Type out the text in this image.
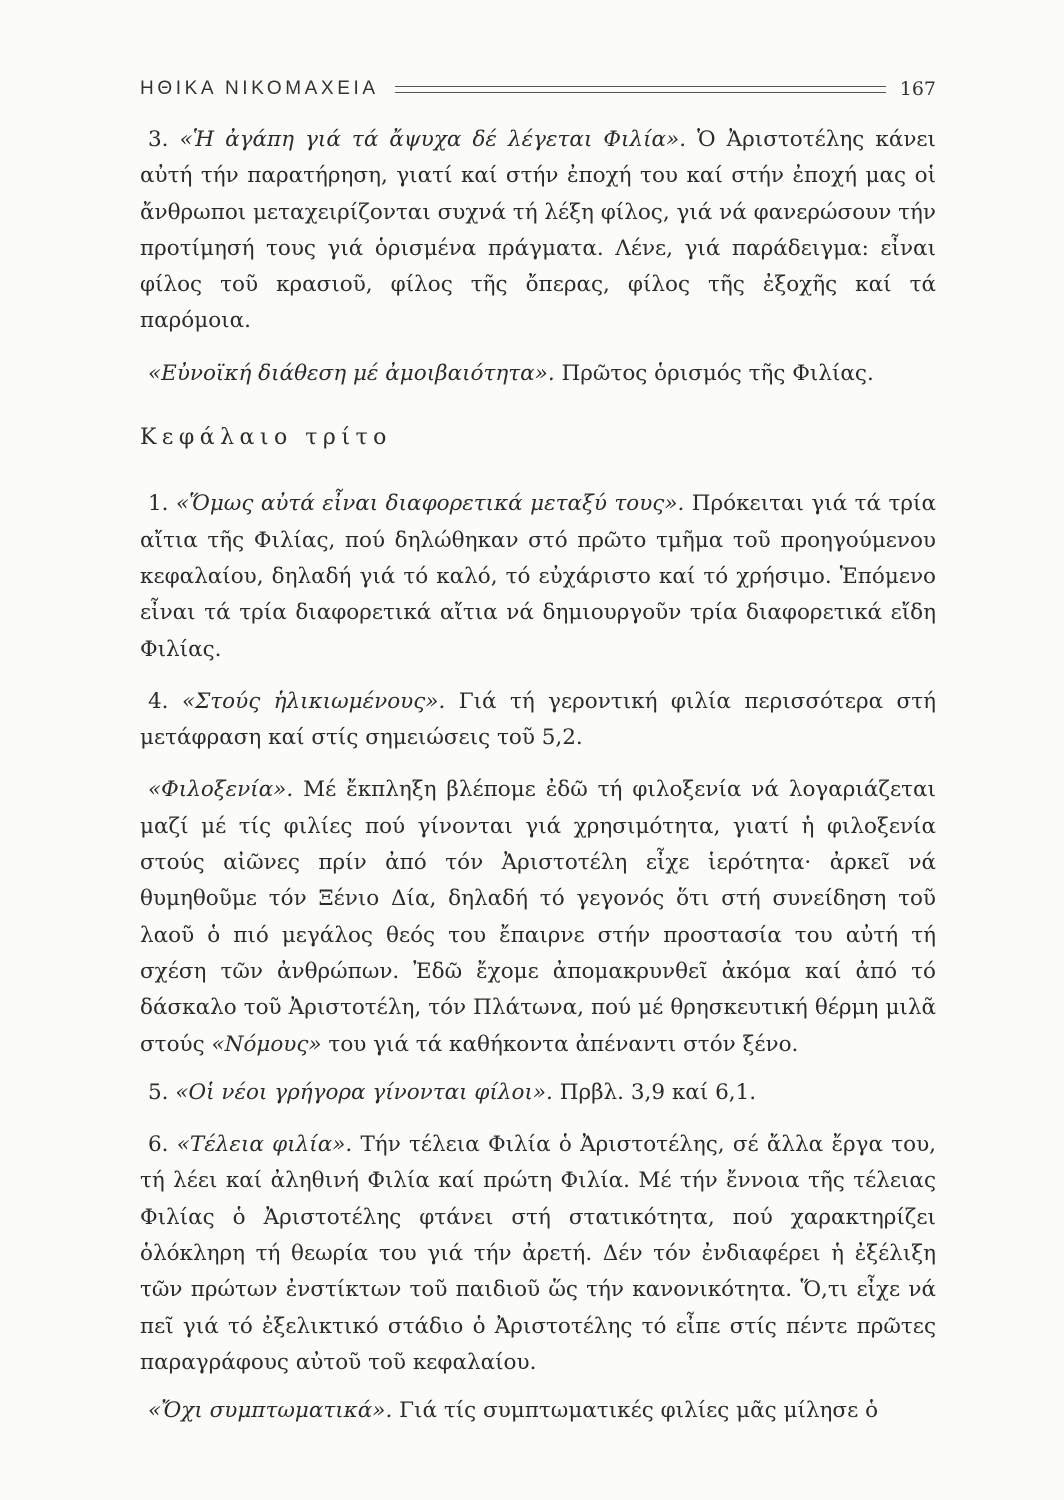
ΗΘΙΚΑ ΝΙΚΟΜΑΧΕΙΑ	167

3. «Ἡ ἀγάπη γιά τά ἄψυχα δέ λέγεται Φιλία». Ὁ Ἀριστοτέλης κάνει αὐτή τήν παρατήρηση, γιατί καί στήν ἐποχή του καί στήν ἐποχή μας οἱ ἄνθρωποι μεταχειρίζονται συχνά τή λέξη φίλος, γιά νά φανερώσουν τήν προτίμησή τους γιά ὁρισμένα πράγματα. Λένε, γιά παράδειγμα: εἶναι φίλος τοῦ κρασιοῦ, φίλος τῆς ὄπερας, φίλος τῆς ἐξοχῆς καί τά παρόμοια.

«Εὐνοϊκή διάθεση μέ ἀμοιβαιότητα». Πρῶτος ὁρισμός τῆς Φιλίας.

Κεφάλαιο τρίτο

1. «Ὅμως αὐτά εἶναι διαφορετικά μεταξύ τους». Πρόκειται γιά τά τρία αἴτια τῆς Φιλίας, πού δηλώθηκαν στό πρῶτο τμῆμα τοῦ προηγούμενου κεφαλαίου, δηλαδή γιά τό καλό, τό εὐχάριστο καί τό χρήσιμο. Ἑπόμενο εἶναι τά τρία διαφορετικά αἴτια νά δημιουργοῦν τρία διαφορετικά εἴδη Φιλίας.

4. «Στούς ἡλικιωμένους». Γιά τή γεροντική φιλία περισσότερα στή μετάφραση καί στίς σημειώσεις τοῦ 5,2.

«Φιλοξενία». Μέ ἔκπληξη βλέπομε ἐδῶ τή φιλοξενία νά λογαριάζεται μαζί μέ τίς φιλίες πού γίνονται γιά χρησιμότητα, γιατί ἡ φιλοξενία στούς αἰῶνες πρίν ἀπό τόν Ἀριστοτέλη εἶχε ἱερότητα· ἀρκεῖ νά θυμηθοῦμε τόν Ξένιο Δία, δηλαδή τό γεγονός ὅτι στή συνείδηση τοῦ λαοῦ ὁ πιό μεγάλος θεός του ἔπαιρνε στήν προστασία του αὐτή τή σχέση τῶν ἀνθρώπων. Ἐδῶ ἔχομε ἀπομακρυνθεῖ ἀκόμα καί ἀπό τό δάσκαλο τοῦ Ἀριστοτέλη, τόν Πλάτωνα, πού μέ θρησκευτική θέρμη μιλᾶ στούς «Νόμους» του γιά τά καθήκοντα ἀπέναντι στόν ξένο.

5. «Οἱ νέοι γρήγορα γίνονται φίλοι». Πρβλ. 3,9 καί 6,1.

6. «Τέλεια φιλία». Τήν τέλεια Φιλία ὁ Ἀριστοτέλης, σέ ἄλλα ἔργα του, τή λέει καί ἀληθινή Φιλία καί πρώτη Φιλία. Μέ τήν ἔννοια τῆς τέλειας Φιλίας ὁ Ἀριστοτέλης φτάνει στή στατικότητα, πού χαρακτηρίζει ὁλόκληρη τή θεωρία του γιά τήν ἀρετή. Δέν τόν ἐνδιαφέρει ἡ ἐξέλιξη τῶν πρώτων ἐνστίκτων τοῦ παιδιοῦ ὥς τήν κανονικότητα. Ὅ,τι εἶχε νά πεῖ γιά τό ἐξελικτικό στάδιο ὁ Ἀριστοτέλης τό εἶπε στίς πέντε πρῶτες παραγράφους αὐτοῦ τοῦ κεφαλαίου.

«Ὄχι συμπτωματικά». Γιά τίς συμπτωματικές φιλίες μᾶς μίλησε ὁ
